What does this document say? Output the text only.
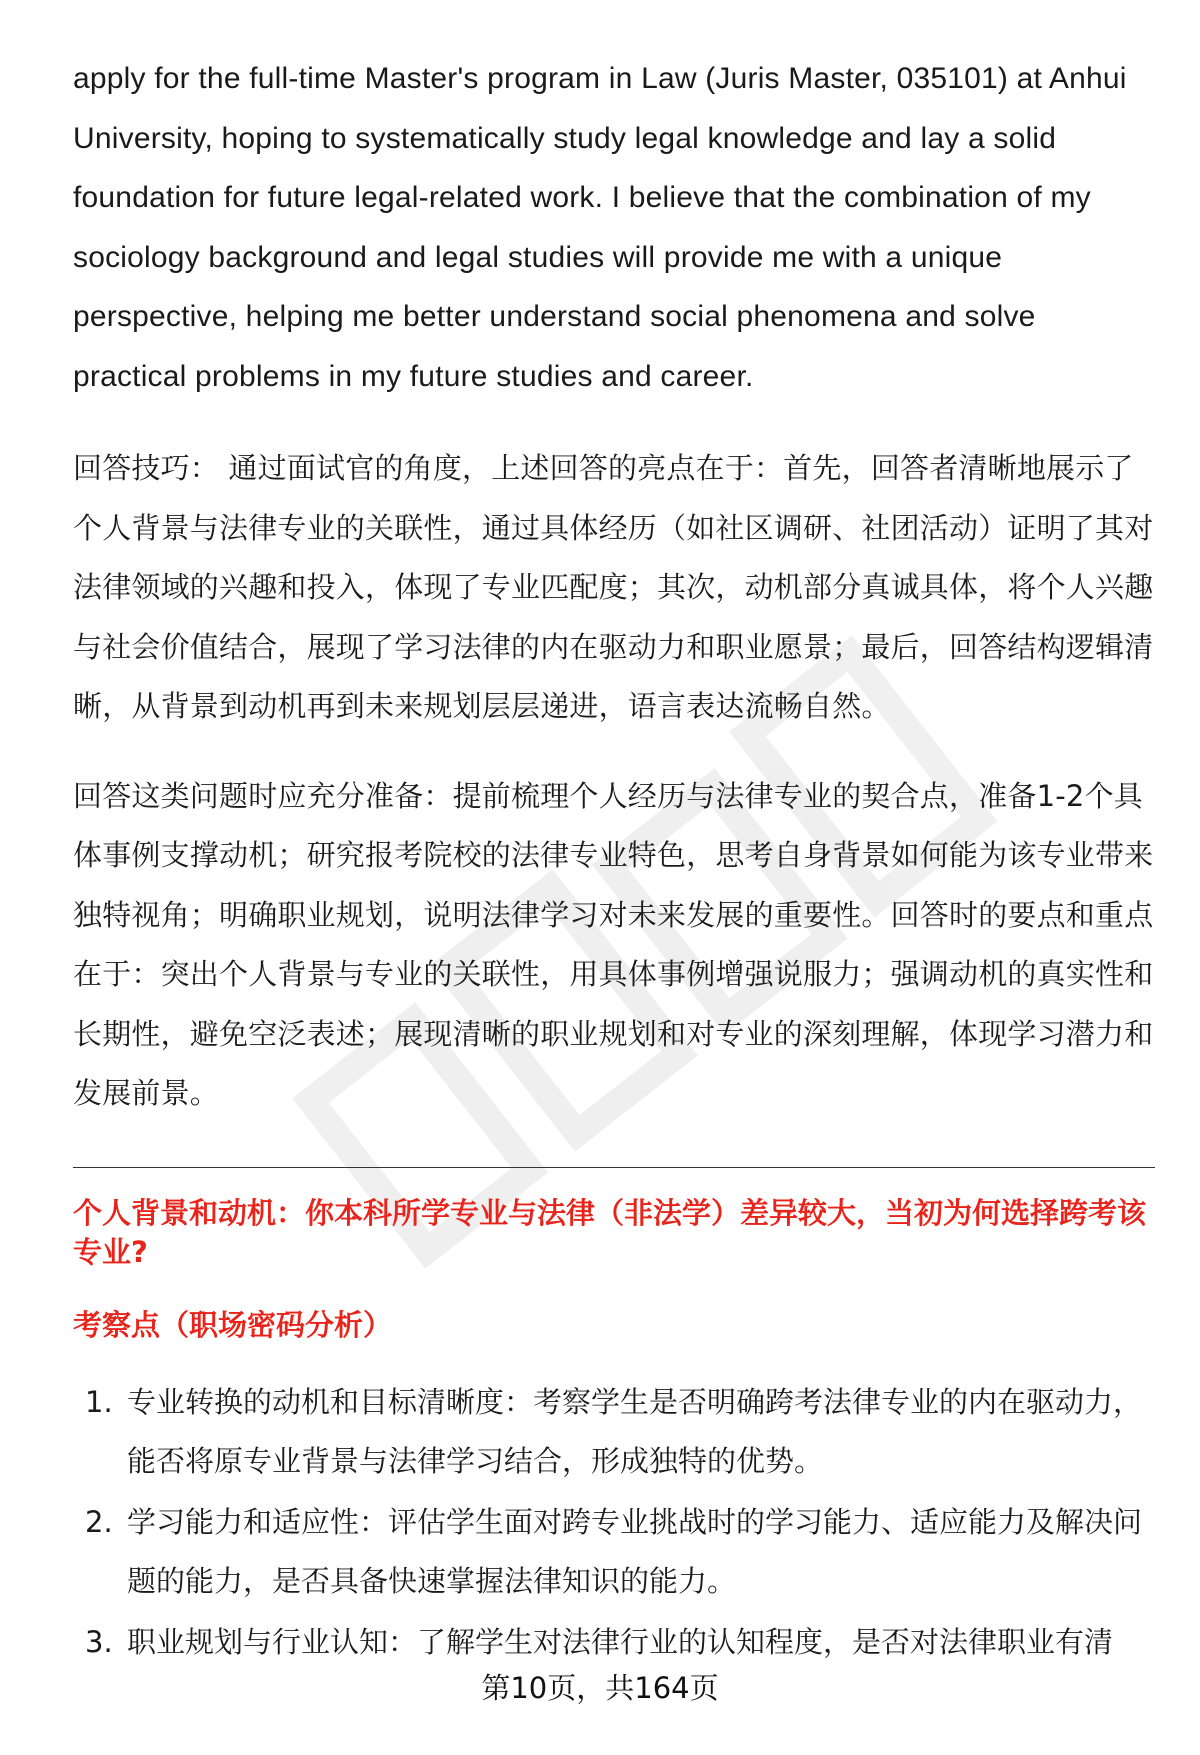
apply for the full-time Master's program in Law (Juris Master, 035101) at Anhui University, hoping to systematically study legal knowledge and lay a solid foundation for future legal-related work. I believe that the combination of my sociology background and legal studies will provide me with a unique perspective, helping me better understand social phenomena and solve practical problems in my future studies and career.

回答技巧： 通过面试官的角度，上述回答的亮点在于：首先，回答者清晰地展示了个人背景与法律专业的关联性，通过具体经历（如社区调研、社团活动）证明了其对法律领域的兴趣和投入，体现了专业匹配度；其次，动机部分真诚具体，将个人兴趣与社会价值结合，展现了学习法律的内在驱动力和职业愿景；最后，回答结构逻辑清晰，从背景到动机再到未来规划层层递进，语言表达流畅自然。

回答这类问题时应充分准备：提前梳理个人经历与法律专业的契合点，准备1-2个具体事例支撑动机；研究报考院校的法律专业特色，思考自身背景如何能为该专业带来独特视角；明确职业规划，说明法律学习对未来发展的重要性。回答时的要点和重点在于：突出个人背景与专业的关联性，用具体事例增强说服力；强调动机的真实性和长期性，避免空泛表述；展现清晰的职业规划和对专业的深刻理解，体现学习潜力和发展前景。

个人背景和动机：你本科所学专业与法律（非法学）差异较大，当初为何选择跨考该专业?
考察点（职场密码分析）
1. 专业转换的动机和目标清晰度：考察学生是否明确跨考法律专业的内在驱动力，能否将原专业背景与法律学习结合，形成独特的优势。
2. 学习能力和适应性：评估学生面对跨专业挑战时的学习能力、适应能力及解决问题的能力，是否具备快速掌握法律知识的能力。
3. 职业规划与行业认知：了解学生对法律行业的认知程度，是否对法律职业有清
第10页，共164页
